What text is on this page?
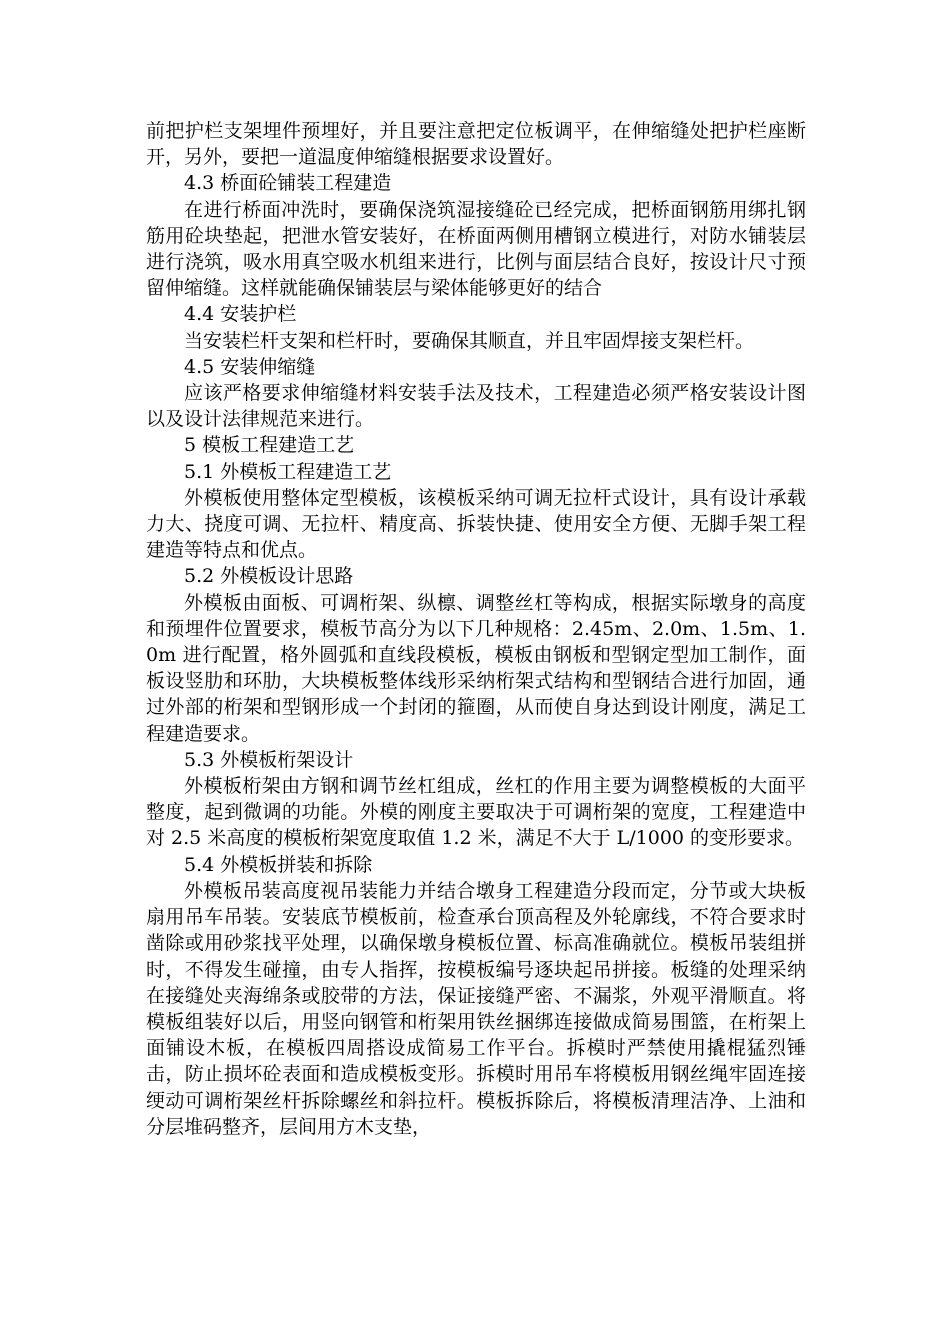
前把护栏支架埋件预埋好，并且要注意把定位板调平，在伸缩缝处把护栏座断开，另外，要把一道温度伸缩缝根据要求设置好。

4.3 桥面砼铺装工程建造

在进行桥面冲洗时，要确保浇筑湿接缝砼已经完成，把桥面钢筋用绑扎钢筋用砼块垫起，把泄水管安装好，在桥面两侧用槽钢立模进行，对防水铺装层进行浇筑，吸水用真空吸水机组来进行，比例与面层结合良好，按设计尺寸预留伸缩缝。这样就能确保铺装层与梁体能够更好的结合

4.4 安装护栏

当安装栏杆支架和栏杆时，要确保其顺直，并且牢固焊接支架栏杆。

4.5 安装伸缩缝

应该严格要求伸缩缝材料安装手法及技术，工程建造必须严格安装设计图以及设计法律规范来进行。

5 模板工程建造工艺

5.1 外模板工程建造工艺

外模板使用整体定型模板，该模板采纳可调无拉杆式设计，具有设计承载力大、挠度可调、无拉杆、精度高、拆装快捷、使用安全方便、无脚手架工程建造等特点和优点。

5.2 外模板设计思路

外模板由面板、可调桁架、纵檩、调整丝杠等构成，根据实际墩身的高度和预埋件位置要求，模板节高分为以下几种规格：2.45m、2.0m、1.5m、1.0m 进行配置，格外圆弧和直线段模板，模板由钢板和型钢定型加工制作，面板设竖肋和环肋，大块模板整体线形采纳桁架式结构和型钢结合进行加固，通过外部的桁架和型钢形成一个封闭的箍圈，从而使自身达到设计刚度，满足工程建造要求。

5.3 外模板桁架设计

外模板桁架由方钢和调节丝杠组成，丝杠的作用主要为调整模板的大面平整度，起到微调的功能。外模的刚度主要取决于可调桁架的宽度，工程建造中对 2.5 米高度的模板桁架宽度取值 1.2 米，满足不大于 L/1000 的变形要求。

5.4 外模板拼装和拆除

外模板吊装高度视吊装能力并结合墩身工程建造分段而定，分节或大块板扇用吊车吊装。安装底节模板前，检查承台顶高程及外轮廓线，不符合要求时凿除或用砂浆找平处理，以确保墩身模板位置、标高准确就位。模板吊装组拼时，不得发生碰撞，由专人指挥，按模板编号逐块起吊拼接。板缝的处理采纳在接缝处夹海绵条或胶带的方法，保证接缝严密、不漏浆，外观平滑顺直。将模板组装好以后，用竖向钢管和桁架用铁丝捆绑连接做成简易围篮，在桁架上面铺设木板，在模板四周搭设成简易工作平台。拆模时严禁使用撬棍猛烈锤击，防止损坏砼表面和造成模板变形。拆模时用吊车将模板用钢丝绳牢固连接绠动可调桁架丝杆拆除螺丝和斜拉杆。模板拆除后，将模板清理洁净、上油和分层堆码整齐，层间用方木支垫，
